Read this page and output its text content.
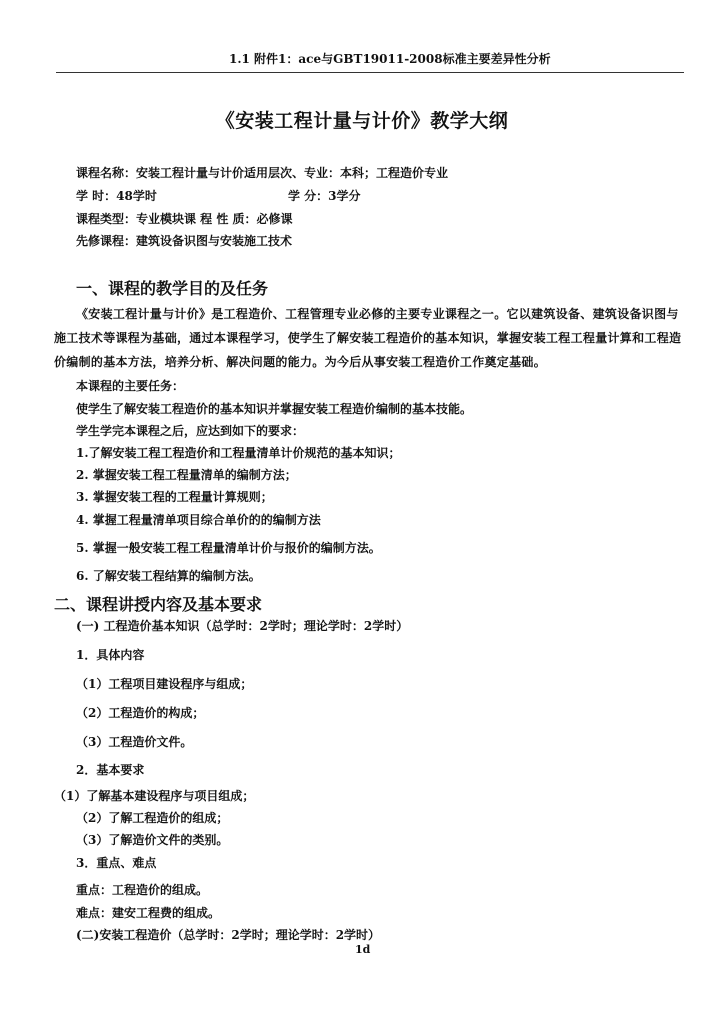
1.1 附件1：ace与GBT19011-2008标准主要差异性分析
《安装工程计量与计价》教学大纲
课程名称：安装工程计量与计价适用层次、专业：本科；工程造价专业
学 时：48学时	学 分：3学分
课程类型：专业模块课 程 性 质：必修课
先修课程：建筑设备识图与安装施工技术
一、课程的教学目的及任务
《安装工程计量与计价》是工程造价、工程管理专业必修的主要专业课程之一。它以建筑设备、建筑设备识图与施工技术等课程为基础，通过本课程学习，使学生了解安装工程造价的基本知识，掌握安装工程工程量计算和工程造价编制的基本方法，培养分析、解决问题的能力。为今后从事安装工程造价工作奠定基础。
本课程的主要任务：
使学生了解安装工程造价的基本知识并掌握安装工程造价编制的基本技能。
学生学完本课程之后，应达到如下的要求：
1.了解安装工程工程造价和工程量清单计价规范的基本知识；
2. 掌握安装工程工程量清单的编制方法；
3. 掌握安装工程的工程量计算规则；
4. 掌握工程量清单项目综合单价的的编制方法
5. 掌握一般安装工程工程量清单计价与报价的编制方法。
6. 了解安装工程结算的编制方法。
二、课程讲授内容及基本要求
(一) 工程造价基本知识（总学时：2学时；理论学时：2学时）
1．具体内容
（1）工程项目建设程序与组成；
（2）工程造价的构成；
（3）工程造价文件。
2．基本要求
（1）了解基本建设程序与项目组成；
（2）了解工程造价的组成；
（3）了解造价文件的类别。
3．重点、难点
重点：工程造价的组成。
难点：建安工程费的组成。
(二)安装工程造价（总学时：2学时；理论学时：2学时）
1d
